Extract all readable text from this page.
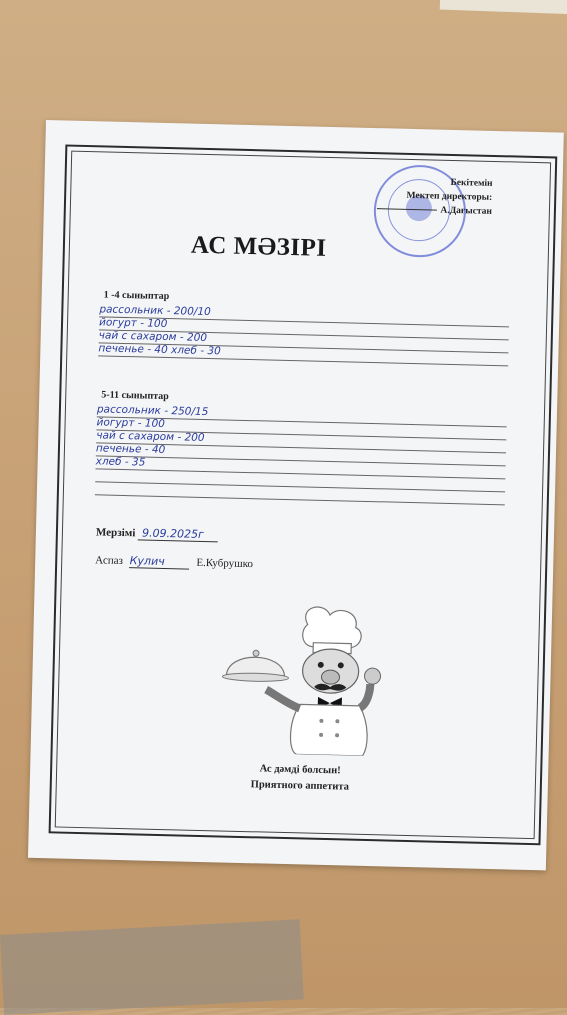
Бекітемін
Мектеп директоры:
А.Дағыстан
АС МӘЗІРІ
1 -4 сыныптар
рассольник - 200/10
йогурт - 100
чай с сахаром - 200
печенье - 40 хлеб - 30
5-11 сыныптар
рассольник - 250/15
йогурт - 100
чай с сахаром - 200
печенье - 40
хлеб - 35
Мерзімі 9.09.2025г
Аспаз Кулич	Е.Кубрушко
Ас дәмді болсын!
Приятного аппетита
